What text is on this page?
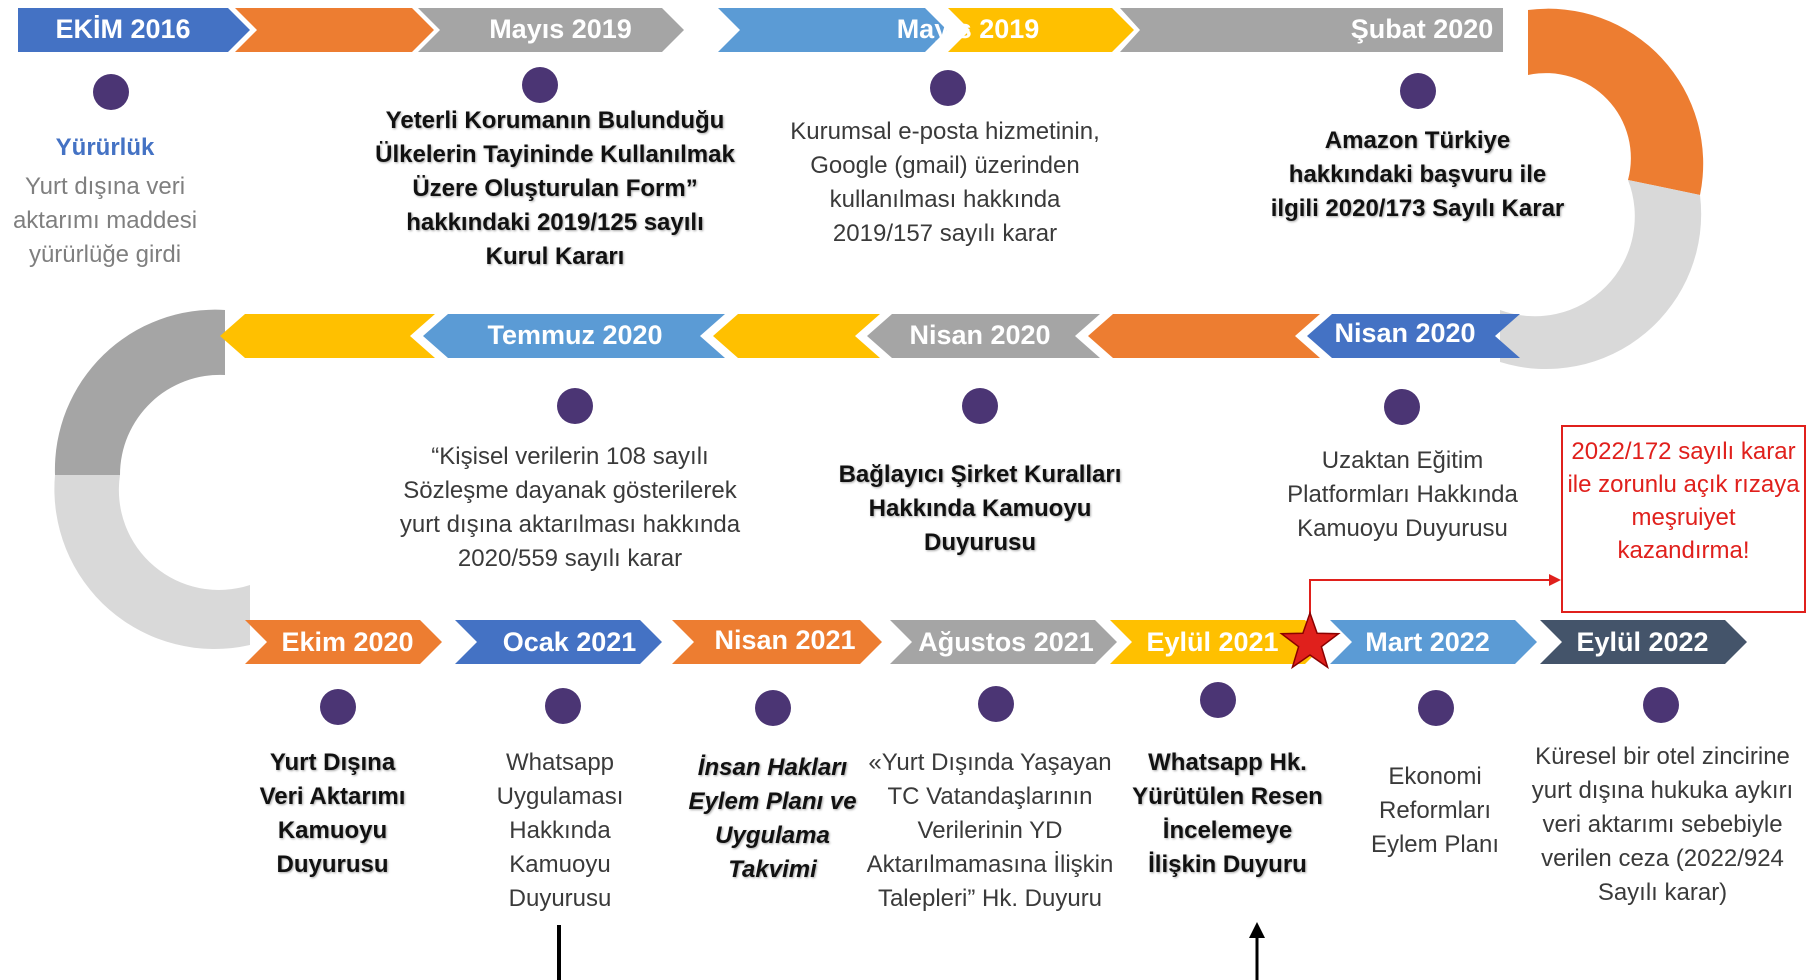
EKİM 2016	Mayıs 2019	Mayıs 2019	Şubat 2020
Temmuz 2020	Nisan 2020	Nisan 2020
Ekim 2020	Ocak 2021	Nisan 2021	Ağustos 2021	Eylül 2021	Mart 2022	Eylül 2022
Yürürlük
Yurt dışına veri aktarımı maddesi yürürlüğe girdi
Yeterli Korumanın Bulunduğu Ülkelerin Tayininde Kullanılmak Üzere Oluşturulan Form” hakkındaki 2019/125 sayılı Kurul Kararı
Kurumsal e-posta hizmetinin, Google (gmail) üzerinden kullanılması hakkında 2019/157 sayılı karar
Amazon Türkiye hakkındaki başvuru ile ilgili 2020/173 Sayılı Karar
“Kişisel verilerin 108 sayılı Sözleşme dayanak gösterilerek yurt dışına aktarılması hakkında 2020/559 sayılı karar
Bağlayıcı Şirket Kuralları Hakkında Kamuoyu Duyurusu
Uzaktan Eğitim Platformları Hakkında Kamuoyu Duyurusu
Yurt Dışına Veri Aktarımı Kamuoyu Duyurusu
Whatsapp Uygulaması Hakkında Kamuoyu Duyurusu
İnsan Hakları Eylem Planı ve Uygulama Takvimi
«Yurt Dışında Yaşayan TC Vatandaşlarının Verilerinin YD Aktarılmamasına İlişkin Talepleri” Hk. Duyuru
Whatsapp Hk. Yürütülen Resen İncelemeye İlişkin Duyuru
Ekonomi Reformları Eylem Planı
Küresel bir otel zincirine yurt dışına hukuka aykırı veri aktarımı sebebiyle verilen ceza (2022/924 Sayılı karar)
2022/172 sayılı karar ile zorunlu açık rızaya meşruiyet kazandırma!
